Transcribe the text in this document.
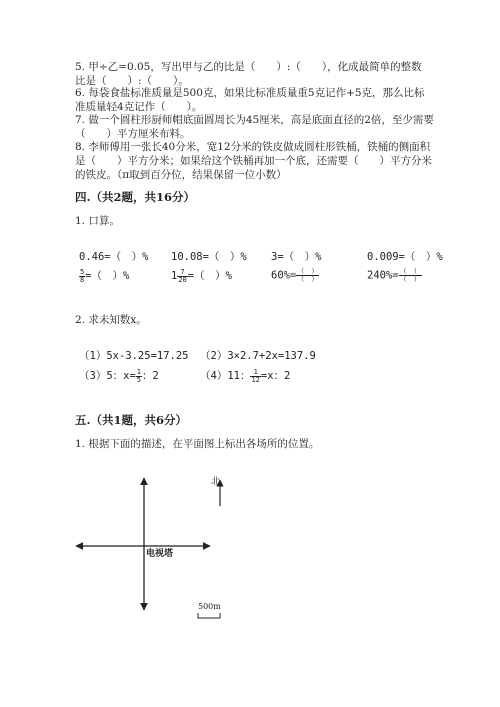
5. 甲÷乙=0.05，写出甲与乙的比是（　　）:（　　），化成最简单的整数
比是（　　）:（　　）。
6. 每袋食盐标准质量是500克，如果比标准质量重5克记作+5克，那么比标
准质量轻4克记作（　　）。
7. 做一个圆柱形厨师帽底面圆周长为45厘米，高是底面直径的2倍，至少需要
（　　）平方厘米布料。
8. 李师傅用一张长40分米，宽12分米的铁皮做成圆柱形铁桶，铁桶的侧面积
是（　　）平方分米；如果给这个铁桶再加一个底，还需要（　　）平方分米
的铁皮。（π取到百分位，结果保留一位小数）
四.（共2题，共16分）
1. 口算。
0.46=（　）% 10.08=（　）% 3=（　）%	0.009=（　）%
$\frac{5}{8}$ =（　）%	$1 \frac{7}{20}$ =（　）%	$60\%= \frac{( )}{( )}$	$240\%= \frac{( )}{( )}$
2. 求未知数x。
（1）5x-3.25=17.25 （2）3×2.7+2x=137.9
（3）5：$x= \frac{1}{5}$ ：2	（4）11： $\frac{1}{12} =x$：2
五.（共1题，共6分）
1. 根据下面的描述，在平面图上标出各场所的位置。
北
电视塔
500m
